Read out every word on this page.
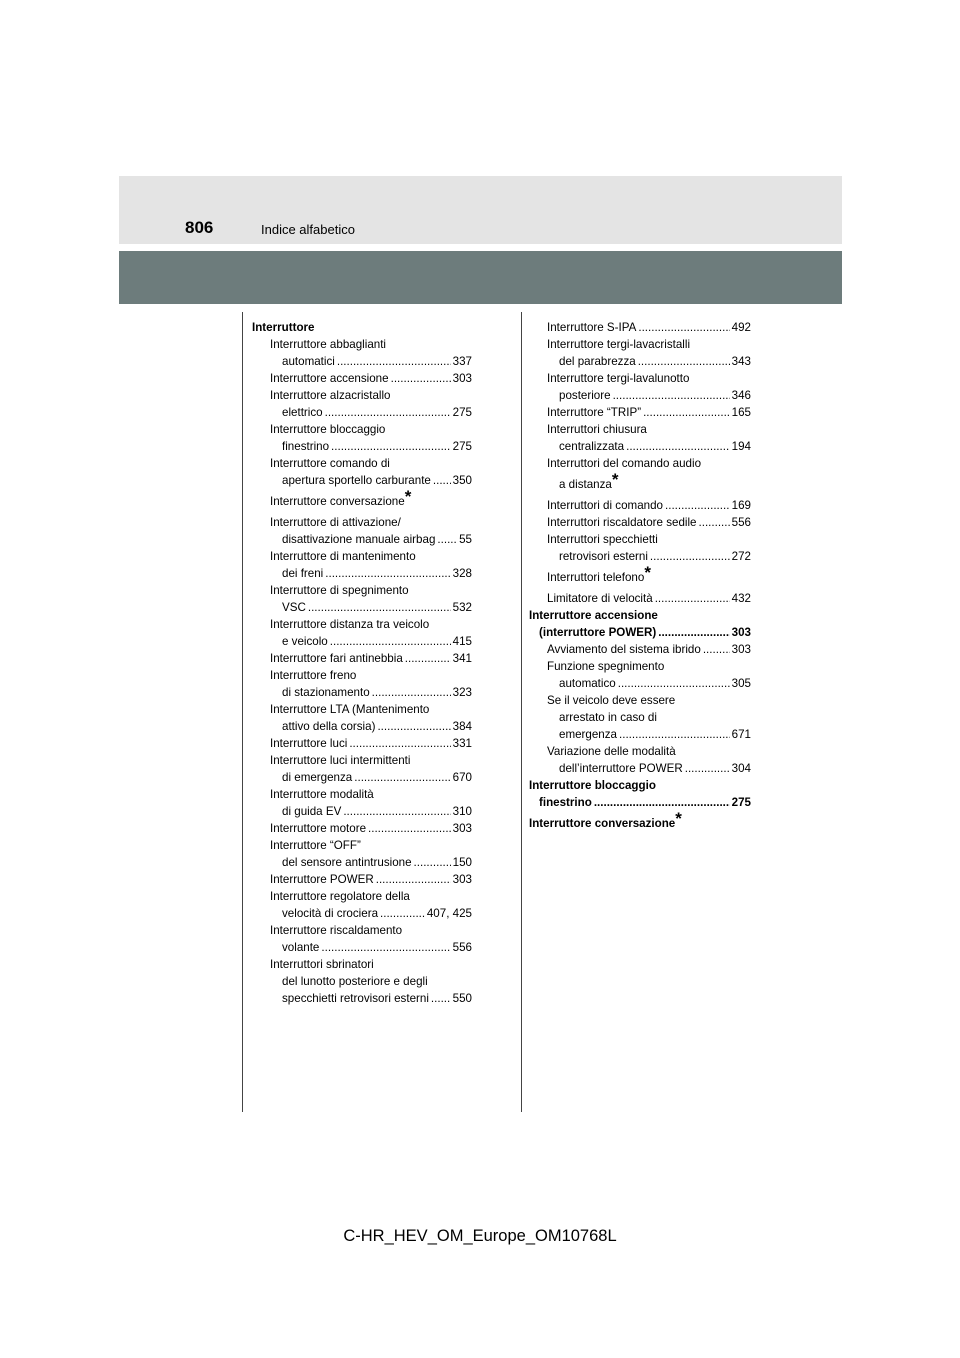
806	Indice alfabetico
Interruttore
Interruttore abbaglianti
automatici .....	337
Interruttore accensione .....	303
Interruttore alzacristallo
elettrico .....	275
Interruttore bloccaggio
finestrino .....	275
Interruttore comando di
apertura sportello carburante ..... 350
Interruttore conversazione*
Interruttore di attivazione/
disattivazione manuale airbag ..... 55
Interruttore di mantenimento
dei freni .....	328
Interruttore di spegnimento
VSC .....	532
Interruttore distanza tra veicolo
e veicolo .....	415
Interruttore fari antinebbia .....	341
Interruttore freno
di stazionamento .....	323
Interruttore LTA (Mantenimento
attivo della corsia) .....	384
Interruttore luci .....	331
Interruttore luci intermittenti
di emergenza .....	670
Interruttore modalità
di guida EV .....	310
Interruttore motore .....	303
Interruttore “OFF”
del sensore antintrusione .....	150
Interruttore POWER .....	303
Interruttore regolatore della
velocità di crociera .....	407, 425
Interruttore riscaldamento
volante .....	556
Interruttori sbrinatori
del lunotto posteriore e degli
specchietti retrovisori esterni ..... 550
Interruttore S-IPA .....	492
Interruttore tergi-lavacristalli
del parabrezza .....	343
Interruttore tergi-lavalunotto
posteriore .....	346
Interruttore “TRIP” .....	165
Interruttori chiusura
centralizzata .....	194
Interruttori del comando audio
a distanza*
Interruttori di comando .....	169
Interruttori riscaldatore sedile .....	556
Interruttori specchietti
retrovisori esterni .....	272
Interruttori telefono*
Limitatore di velocità .....	432
Interruttore accensione
(interruttore POWER) .....	303
Avviamento del sistema ibrido .....	303
Funzione spegnimento
automatico .....	305
Se il veicolo deve essere
arrestato in caso di
emergenza .....	671
Variazione delle modalità
dell’interruttore POWER .....	304
Interruttore bloccaggio
finestrino .....	275
Interruttore conversazione*
C-HR_HEV_OM_Europe_OM10768L
